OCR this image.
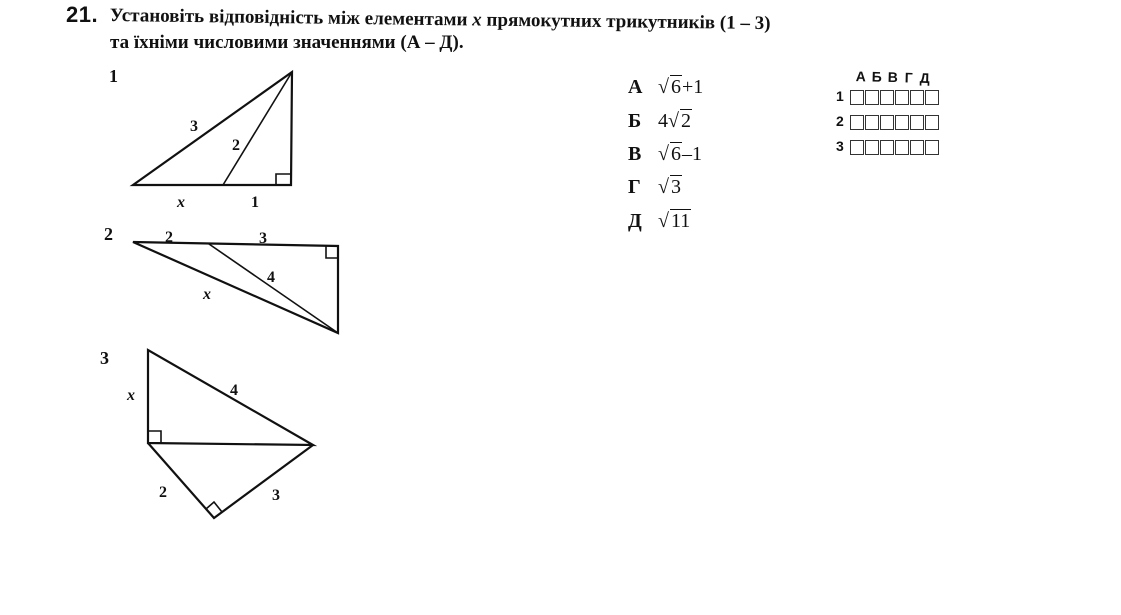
21. Установіть відповідність між елементами x прямокутних трикутників (1 – 3)
та їхніми числовими значеннями (А – Д).
1
2
3
3
2
x	1
2	3
4
x
x	4
2	3
А √ 6+1
Б 4√ 2
В √ 6–1
Г √ 3
Д √ 11
А Б В Г Д
1
2
3
